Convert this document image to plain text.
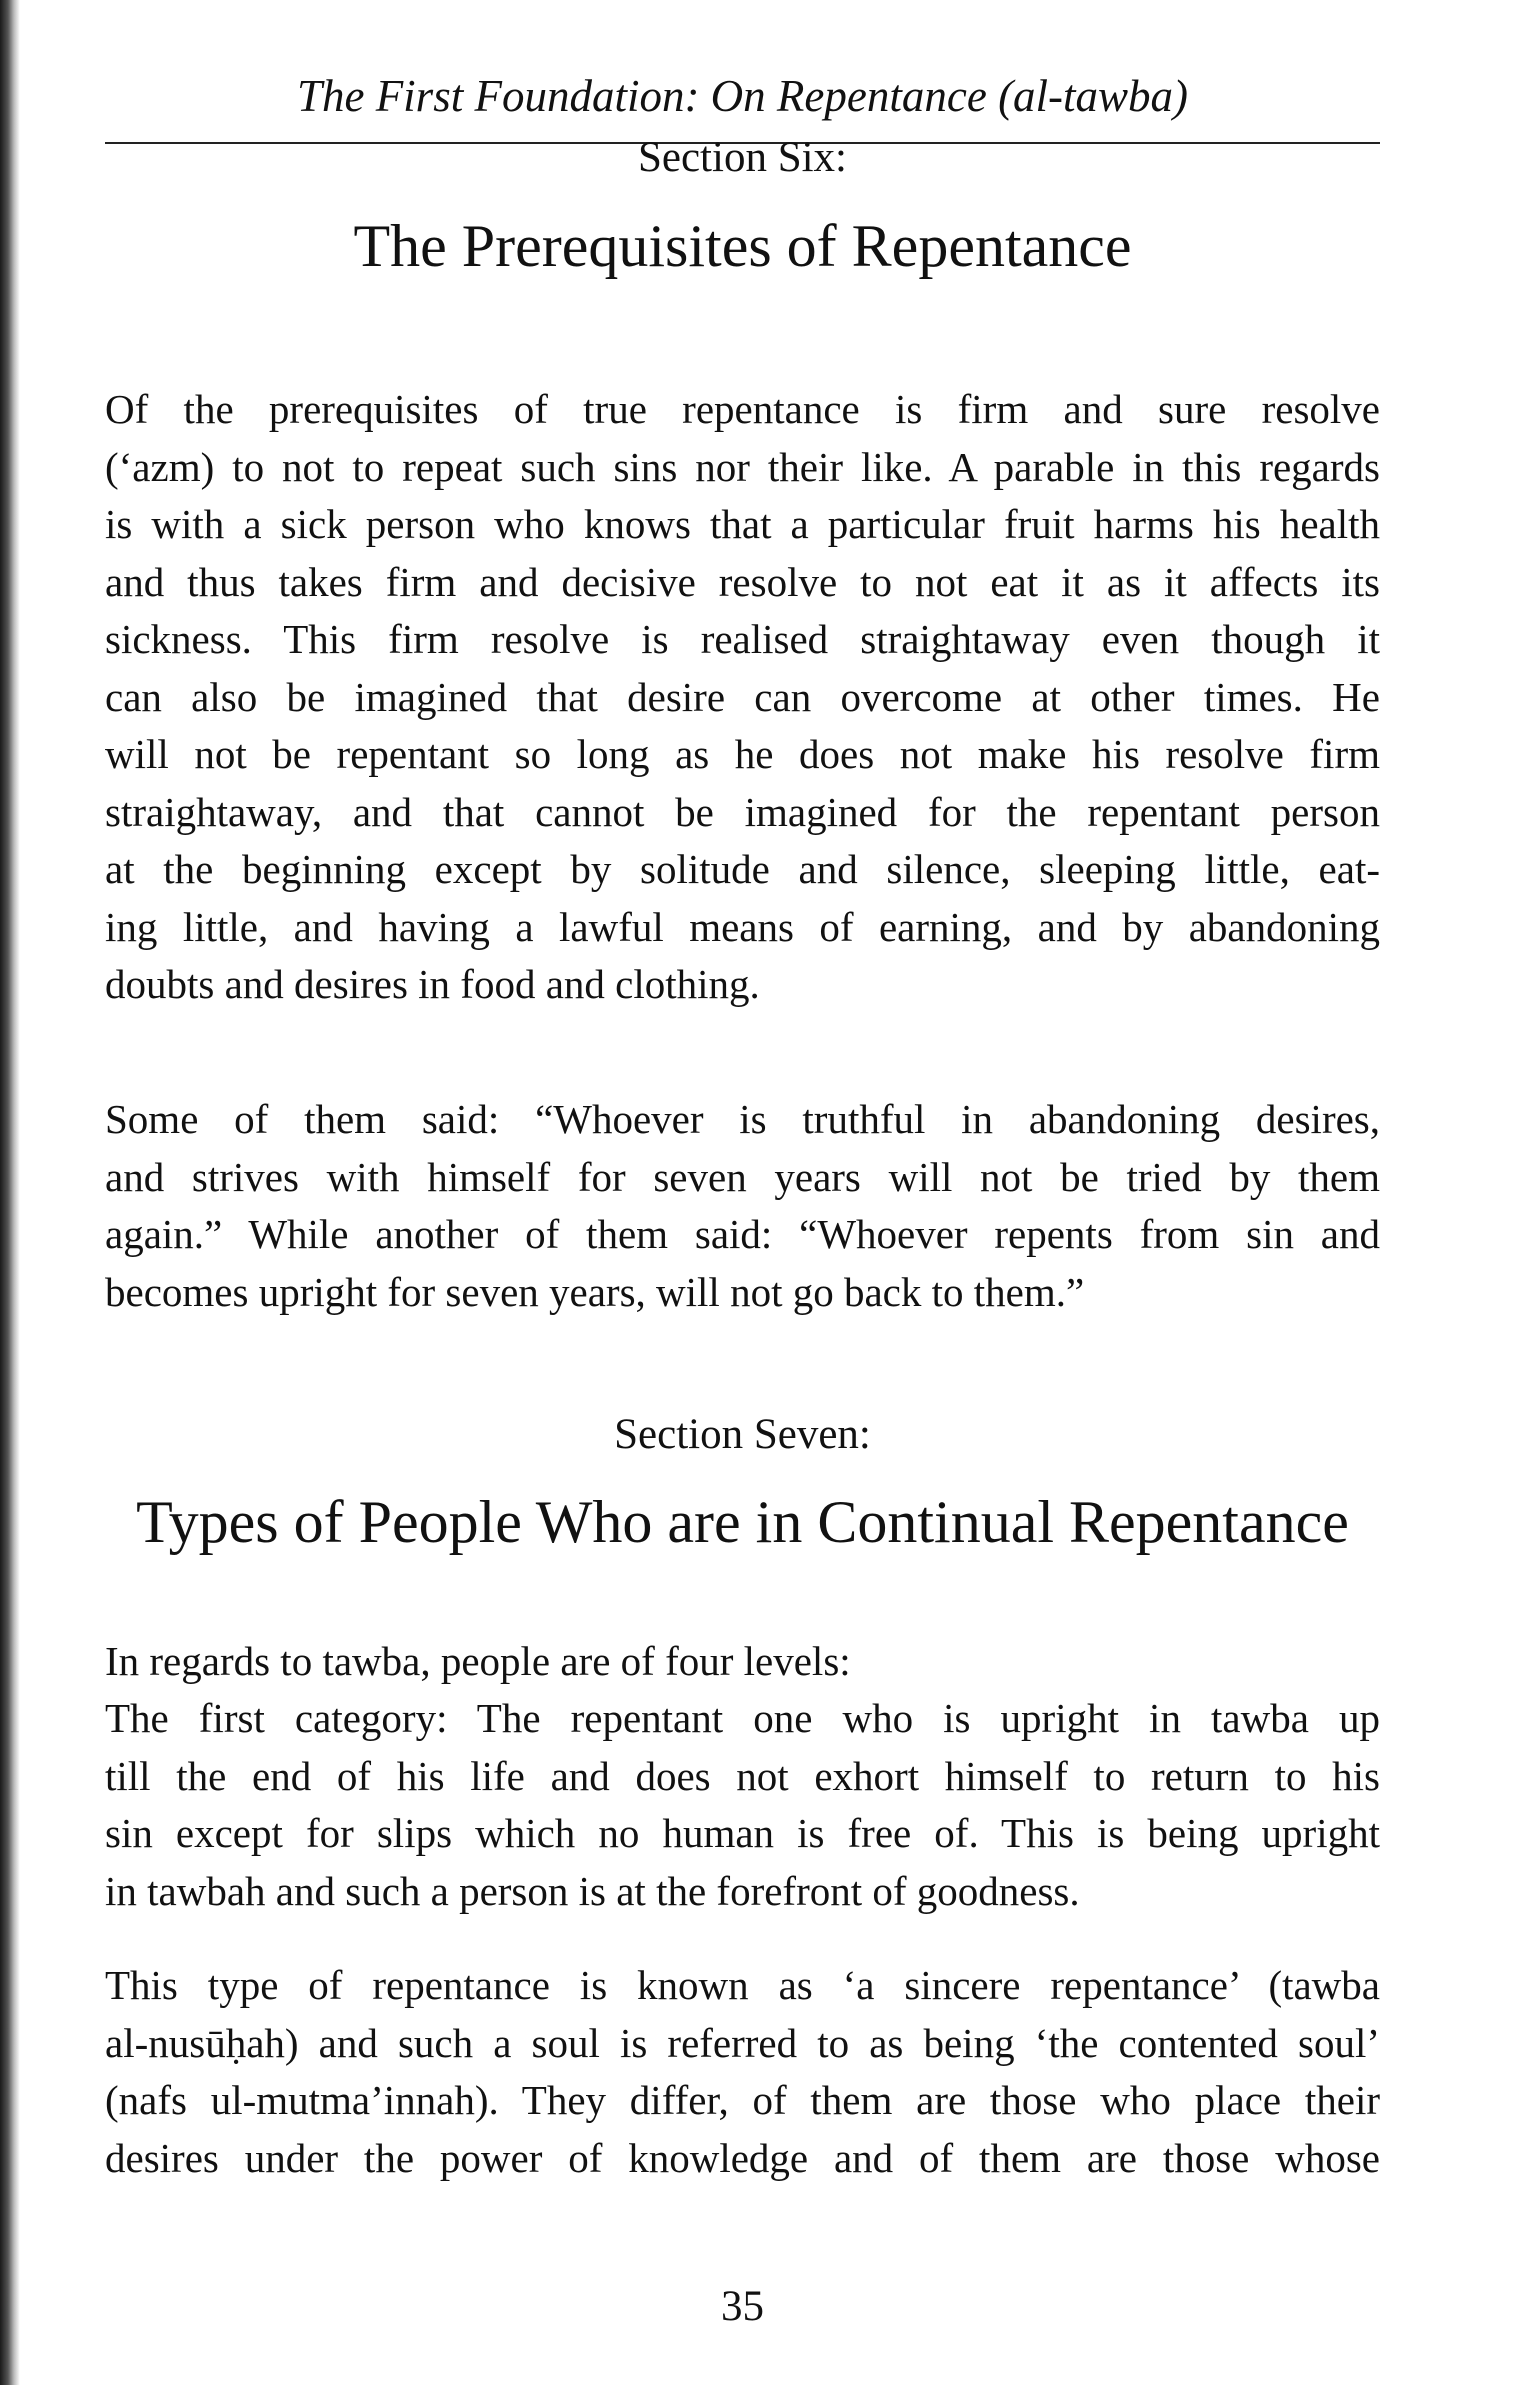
The First Foundation: On Repentance (al-tawba)
Section Six:
The Prerequisites of Repentance
Of the prerequisites of true repentance is firm and sure resolve
(‘azm) to not to repeat such sins nor their like. A parable in this regards
is with a sick person who knows that a particular fruit harms his health
and thus takes firm and decisive resolve to not eat it as it affects its
sickness. This firm resolve is realised straightaway even though it
can also be imagined that desire can overcome at other times. He
will not be repentant so long as he does not make his resolve firm
straightaway, and that cannot be imagined for the repentant person
at the beginning except by solitude and silence, sleeping little, eat-
ing little, and having a lawful means of earning, and by abandoning
doubts and desires in food and clothing.
Some of them said: “Whoever is truthful in abandoning desires,
and strives with himself for seven years will not be tried by them
again.” While another of them said: “Whoever repents from sin and
becomes upright for seven years, will not go back to them.”
Section Seven:
Types of People Who are in Continual Repentance
In regards to tawba, people are of four levels:
The first category: The repentant one who is upright in tawba up
till the end of his life and does not exhort himself to return to his
sin except for slips which no human is free of. This is being upright
in tawbah and such a person is at the forefront of goodness.
This type of repentance is known as ‘a sincere repentance’ (tawba
al-nusūḥah) and such a soul is referred to as being ‘the contented soul’
(nafs ul-mutma’innah). They differ, of them are those who place their
desires under the power of knowledge and of them are those whose
35
